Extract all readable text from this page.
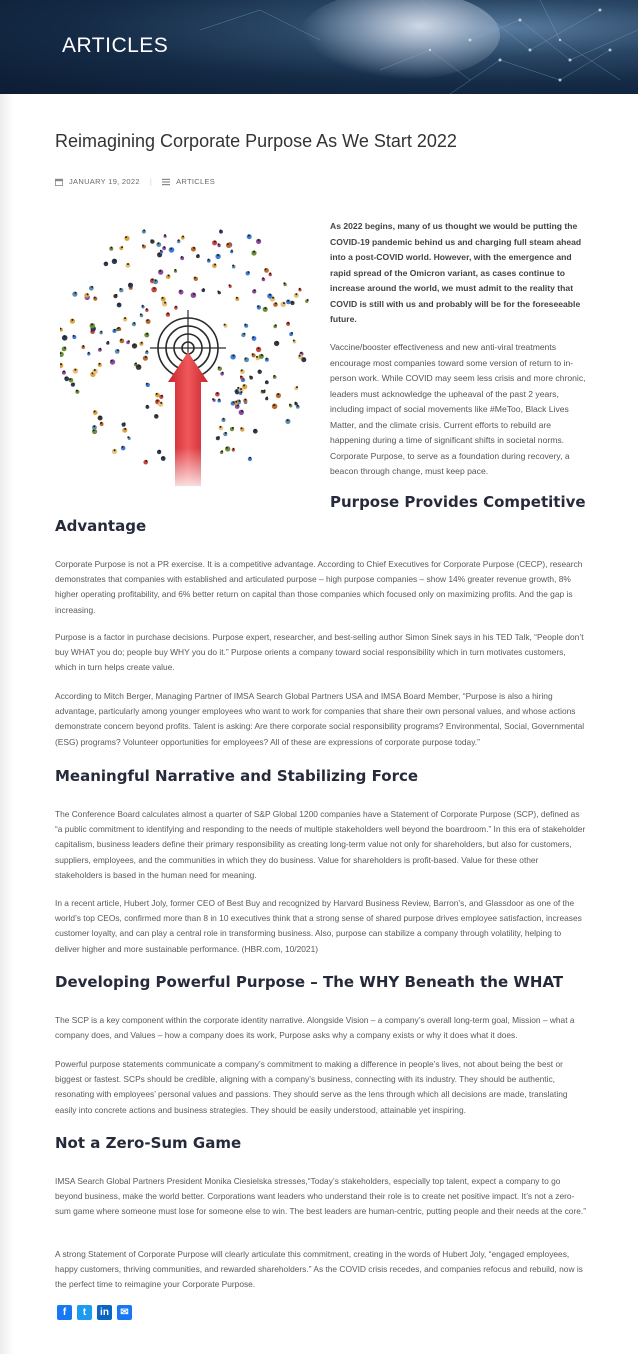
ARTICLES
Reimagining Corporate Purpose As We Start 2022
JANUARY 19, 2022 |	ARTICLES

As 2022 begins, many of us thought we would be putting the COVID-19 pandemic behind us and charging full steam ahead into a post-COVID world. However, with the emergence and rapid spread of the Omicron variant, as cases continue to increase around the world, we must admit to the reality that COVID is still with us and probably will be for the foreseeable future.

Vaccine/booster effectiveness and new anti-viral treatments encourage most companies toward some version of return to in-person work. While COVID may seem less crisis and more chronic, leaders must acknowledge the upheaval of the past 2 years, including impact of social movements like #MeToo, Black Lives Matter, and the climate crisis. Current efforts to rebuild are happening during a time of significant shifts in societal norms. Corporate Purpose, to serve as a foundation during recovery, a beacon through change, must keep pace.

Purpose Provides Competitive
Advantage

Corporate Purpose is not a PR exercise. It is a competitive advantage. According to Chief Executives for Corporate Purpose (CECP), research demonstrates that companies with established and articulated purpose – high purpose companies – show 14% greater revenue growth, 8% higher operating profitability, and 6% better return on capital than those companies which focused only on maximizing profits. And the gap is increasing.

Purpose is a factor in purchase decisions. Purpose expert, researcher, and best-selling author Simon Sinek says in his TED Talk, “People don’t buy WHAT you do; people buy WHY you do it.” Purpose orients a company toward social responsibility which in turn motivates customers, which in turn helps create value.

According to Mitch Berger, Managing Partner of IMSA Search Global Partners USA and IMSA Board Member, “Purpose is also a hiring advantage, particularly among younger employees who want to work for companies that share their own personal values, and whose actions demonstrate concern beyond profits. Talent is asking: Are there corporate social responsibility programs? Environmental, Social, Governmental (ESG) programs? Volunteer opportunities for employees? All of these are expressions of corporate purpose today.”

Meaningful Narrative and Stabilizing Force

The Conference Board calculates almost a quarter of S&P Global 1200 companies have a Statement of Corporate Purpose (SCP), defined as “a public commitment to identifying and responding to the needs of multiple stakeholders well beyond the boardroom.” In this era of stakeholder capitalism, business leaders define their primary responsibility as creating long-term value not only for shareholders, but also for customers, suppliers, employees, and the communities in which they do business. Value for shareholders is profit-based. Value for these other stakeholders is based in the human need for meaning.

In a recent article, Hubert Joly, former CEO of Best Buy and recognized by Harvard Business Review, Barron’s, and Glassdoor as one of the world’s top CEOs, confirmed more than 8 in 10 executives think that a strong sense of shared purpose drives employee satisfaction, increases customer loyalty, and can play a central role in transforming business. Also, purpose can stabilize a company through volatility, helping to deliver higher and more sustainable performance. (HBR.com, 10/2021)

Developing Powerful Purpose – The WHY Beneath the WHAT

The SCP is a key component within the corporate identity narrative. Alongside Vision – a company’s overall long-term goal, Mission – what a company does, and Values – how a company does its work, Purpose asks why a company exists or why it does what it does.

Powerful purpose statements communicate a company’s commitment to making a difference in people’s lives, not about being the best or biggest or fastest. SCPs should be credible, aligning with a company’s business, connecting with its industry. They should be authentic, resonating with employees’ personal values and passions. They should serve as the lens through which all decisions are made, translating easily into concrete actions and business strategies. They should be easily understood, attainable yet inspiring.

Not a Zero-Sum Game

IMSA Search Global Partners President Monika Ciesielska stresses,“Today’s stakeholders, especially top talent, expect a company to go beyond business, make the world better. Corporations want leaders who understand their role is to create net positive impact. It’s not a zero-sum game where someone must lose for someone else to win. The best leaders are human-centric, putting people and their needs at the core.”

A strong Statement of Corporate Purpose will clearly articulate this commitment, creating in the words of Hubert Joly, “engaged employees, happy customers, thriving communities, and rewarded shareholders.” As the COVID crisis recedes, and companies refocus and rebuild, now is the perfect time to reimagine your Corporate Purpose.

f	t	in	✉
